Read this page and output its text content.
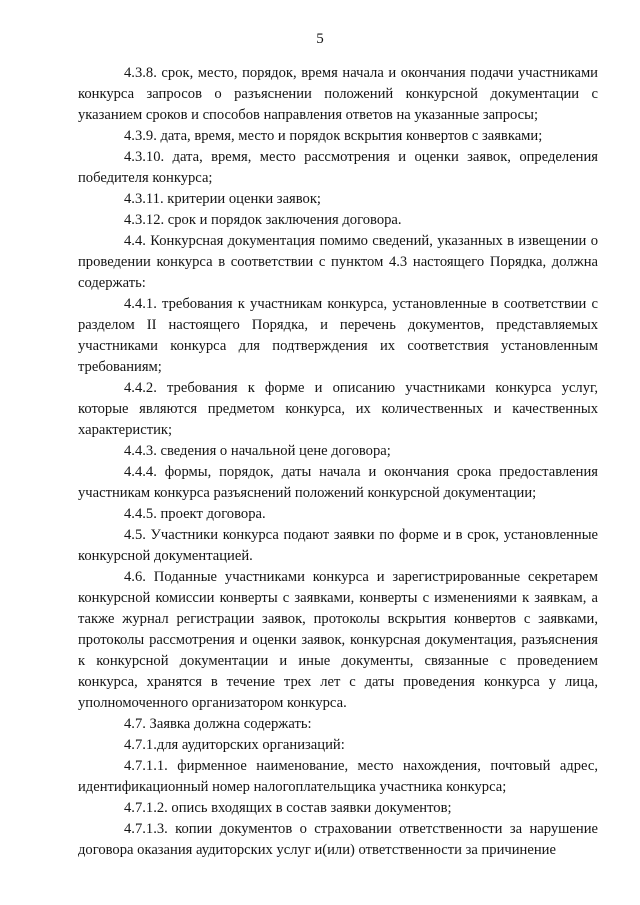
5

4.3.8. срок, место, порядок, время начала и окончания подачи участниками конкурса запросов о разъяснении положений конкурсной документации с указанием сроков и способов направления ответов на указанные запросы;

4.3.9. дата, время, место и порядок вскрытия конвертов с заявками;

4.3.10. дата, время, место рассмотрения и оценки заявок, определения победителя конкурса;

4.3.11. критерии оценки заявок;

4.3.12. срок и порядок заключения договора.

4.4. Конкурсная документация помимо сведений, указанных в извещении о проведении конкурса в соответствии с пунктом 4.3 настоящего Порядка, должна содержать:

4.4.1. требования к участникам конкурса, установленные в соответствии с разделом II настоящего Порядка, и перечень документов, представляемых участниками конкурса для подтверждения их соответствия установленным требованиям;

4.4.2. требования к форме и описанию участниками конкурса услуг, которые являются предметом конкурса, их количественных и качественных характеристик;

4.4.3. сведения о начальной цене договора;

4.4.4. формы, порядок, даты начала и окончания срока предоставления участникам конкурса разъяснений положений конкурсной документации;

4.4.5. проект договора.

4.5. Участники конкурса подают заявки по форме и в срок, установленные конкурсной документацией.

4.6. Поданные участниками конкурса и зарегистрированные секретарем конкурсной комиссии конверты с заявками, конверты с изменениями к заявкам, а также журнал регистрации заявок, протоколы вскрытия конвертов с заявками, протоколы рассмотрения и оценки заявок, конкурсная документация, разъяснения к конкурсной документации и иные документы, связанные с проведением конкурса, хранятся в течение трех лет с даты проведения конкурса у лица, уполномоченного организатором конкурса.

4.7. Заявка должна содержать:

4.7.1.для аудиторских организаций:

4.7.1.1. фирменное наименование, место нахождения, почтовый адрес, идентификационный номер налогоплательщика участника конкурса;

4.7.1.2. опись входящих в состав заявки документов;

4.7.1.3. копии документов о страховании ответственности за нарушение договора оказания аудиторских услуг и(или) ответственности за причинение
